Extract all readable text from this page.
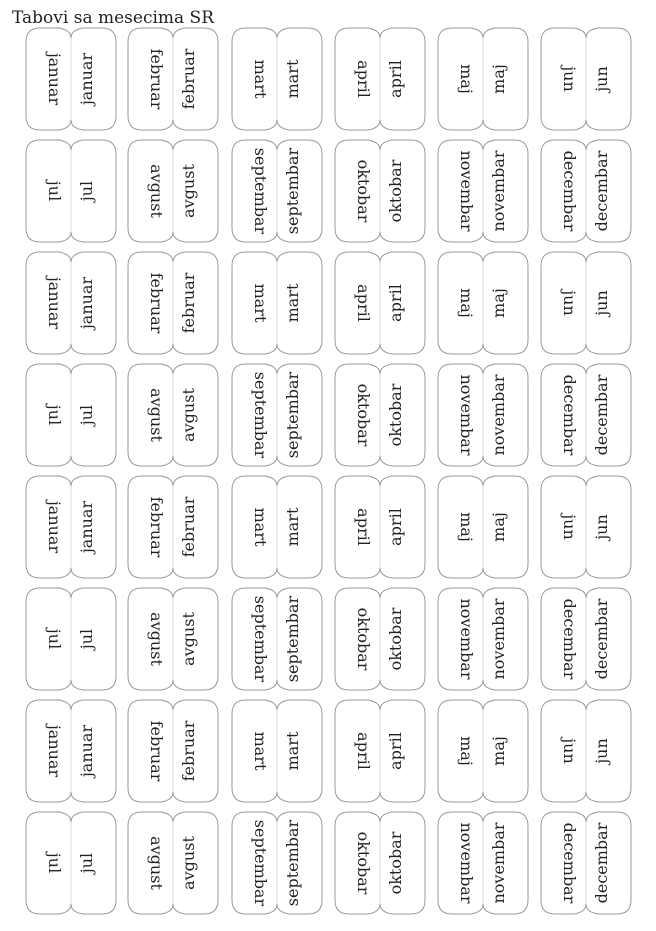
Tabovi sa mesecima SR
januar januar	februar februar	mart mart	april april	maj maj	jun jun
jul jul	avgust avgust	septembar septembar	oktobar oktobar	novembar novembar	decembar decembar
januar januar	februar februar	mart mart	april april	maj maj	jun jun
jul jul	avgust avgust	septembar septembar	oktobar oktobar	novembar novembar	decembar decembar
januar januar	februar februar	mart mart	april april	maj maj	jun jun
jul jul	avgust avgust	septembar septembar	oktobar oktobar	novembar novembar	decembar decembar
januar januar	februar februar	mart mart	april april	maj maj	jun jun
jul jul	avgust avgust	septembar septembar	oktobar oktobar	novembar novembar	decembar decembar
